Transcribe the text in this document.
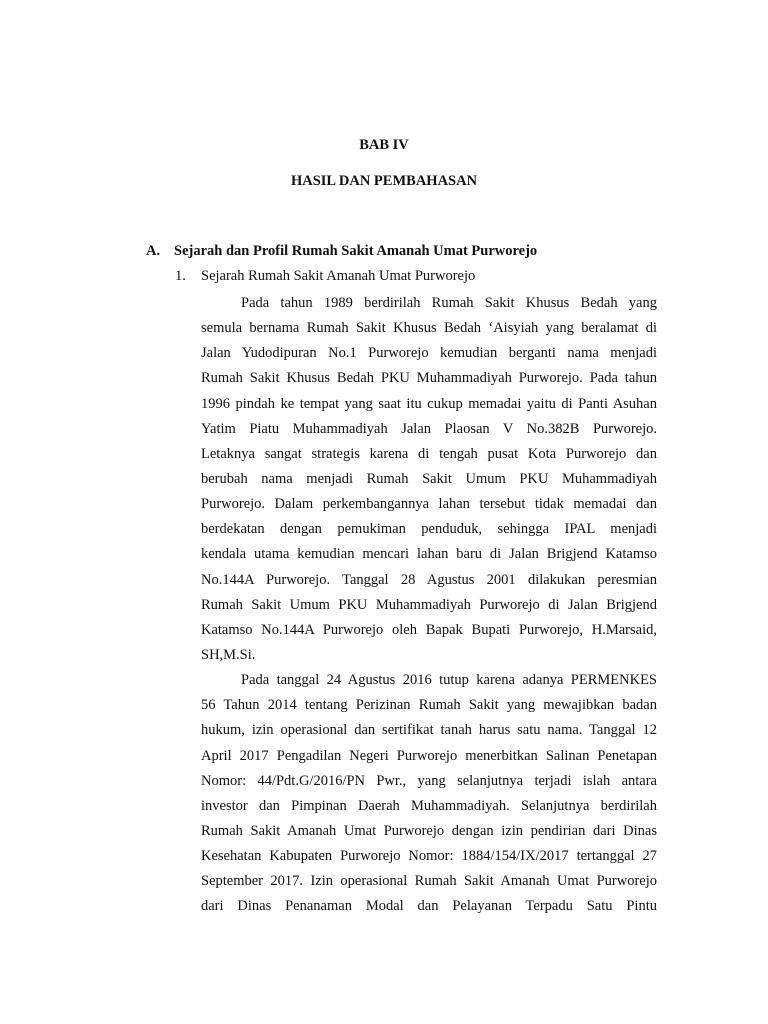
BAB IV
HASIL DAN PEMBAHASAN
A. Sejarah dan Profil Rumah Sakit Amanah Umat Purworejo
1. Sejarah Rumah Sakit Amanah Umat Purworejo
Pada tahun 1989 berdirilah Rumah Sakit Khusus Bedah yang
semula bernama Rumah Sakit Khusus Bedah ‘Aisyiah yang beralamat di
Jalan Yudodipuran No.1 Purworejo kemudian berganti nama menjadi
Rumah Sakit Khusus Bedah PKU Muhammadiyah Purworejo. Pada tahun
1996 pindah ke tempat yang saat itu cukup memadai yaitu di Panti Asuhan
Yatim Piatu Muhammadiyah Jalan Plaosan V No.382B Purworejo.
Letaknya sangat strategis karena di tengah pusat Kota Purworejo dan
berubah nama menjadi Rumah Sakit Umum PKU Muhammadiyah
Purworejo. Dalam perkembangannya lahan tersebut tidak memadai dan
berdekatan dengan pemukiman penduduk, sehingga IPAL menjadi
kendala utama kemudian mencari lahan baru di Jalan Brigjend Katamso
No.144A Purworejo. Tanggal 28 Agustus 2001 dilakukan peresmian
Rumah Sakit Umum PKU Muhammadiyah Purworejo di Jalan Brigjend
Katamso No.144A Purworejo oleh Bapak Bupati Purworejo, H.Marsaid,
SH,M.Si.
Pada tanggal 24 Agustus 2016 tutup karena adanya PERMENKES
56 Tahun 2014 tentang Perizinan Rumah Sakit yang mewajibkan badan
hukum, izin operasional dan sertifikat tanah harus satu nama. Tanggal 12
April 2017 Pengadilan Negeri Purworejo menerbitkan Salinan Penetapan
Nomor: 44/Pdt.G/2016/PN Pwr., yang selanjutnya terjadi islah antara
investor dan Pimpinan Daerah Muhammadiyah. Selanjutnya berdirilah
Rumah Sakit Amanah Umat Purworejo dengan izin pendirian dari Dinas
Kesehatan Kabupaten Purworejo Nomor: 1884/154/IX/2017 tertanggal 27
September 2017. Izin operasional Rumah Sakit Amanah Umat Purworejo
dari Dinas Penanaman Modal dan Pelayanan Terpadu Satu Pintu
